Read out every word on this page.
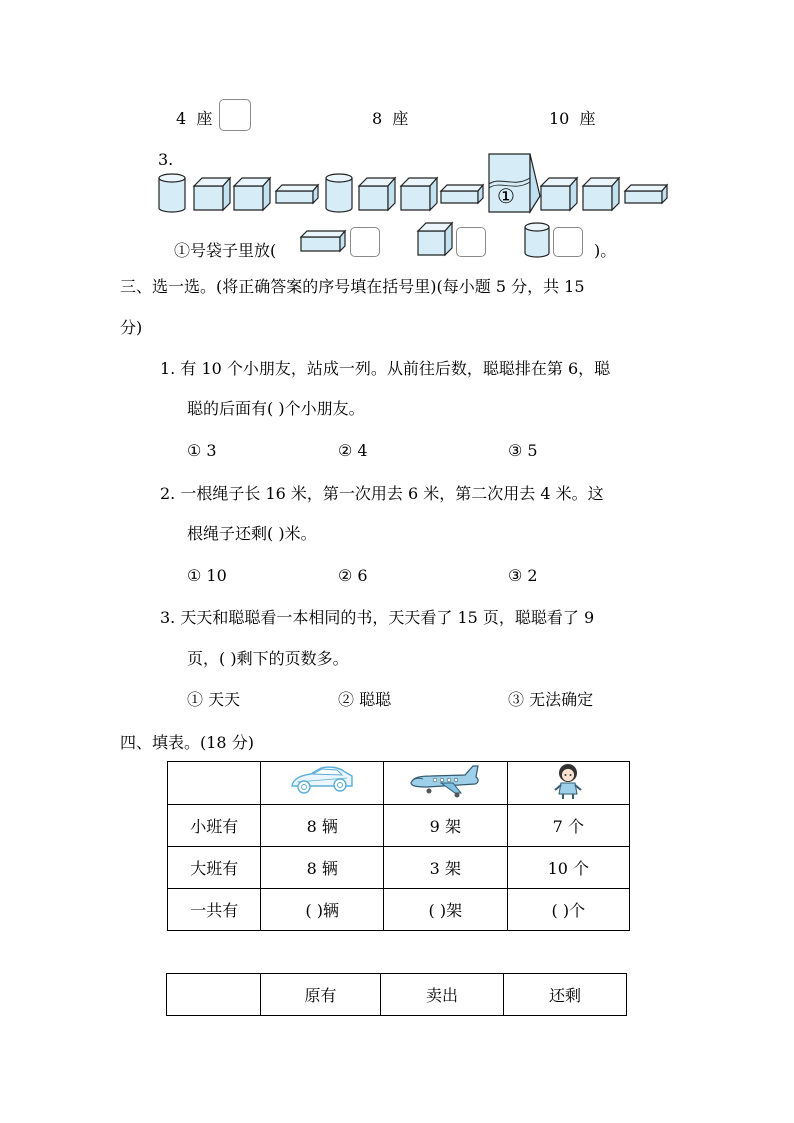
4 座	8 座	10 座
3.
①
①号袋子里放(	)。
三、选一选。(将正确答案的序号填在括号里)(每小题 5 分，共 15
分)
1. 有 10 个小朋友，站成一列。从前往后数，聪聪排在第 6，聪
聪的后面有( )个小朋友。
① 3	② 4	③ 5
2. 一根绳子长 16 米，第一次用去 6 米，第二次用去 4 米。这
根绳子还剩( )米。
① 10	② 6	③ 2
3. 天天和聪聪看一本相同的书，天天看了 15 页，聪聪看了 9
页，( )剩下的页数多。
① 天天	② 聪聪	③ 无法确定
四、填表。(18 分)

小班有	8 辆	9 架	7 个
大班有	8 辆	3 架	10 个
一共有	( )辆	( )架	( )个
	原有	卖出	还剩
